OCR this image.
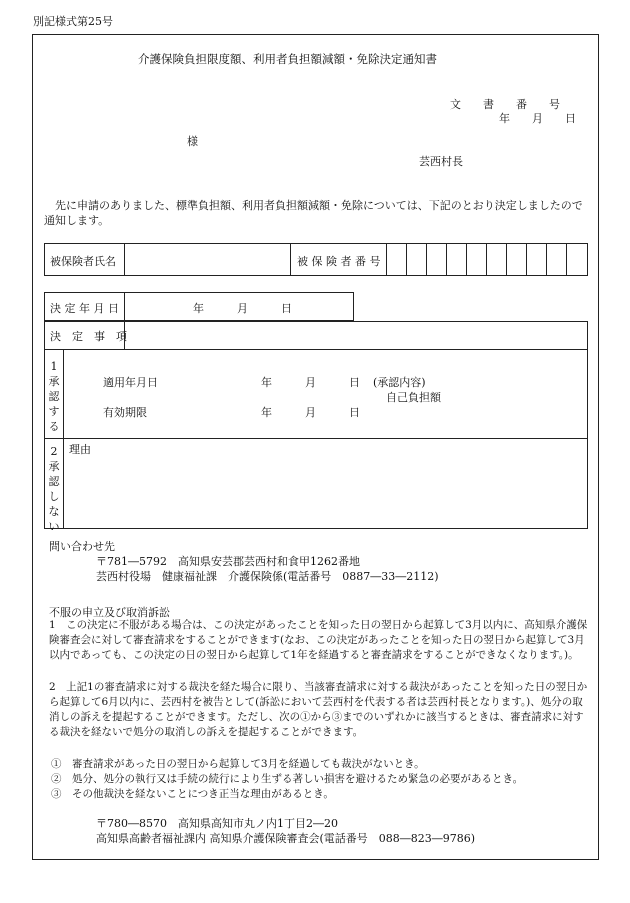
別記様式第25号
介護保険負担限度額、利用者負担額減額・免除決定通知書
文　　書　　番　　号
年　　月　　日
様
芸西村長
　先に申請のありました、標準負担額、利用者負担額減額・免除については、下記のとおり決定しましたので通知します。
被保険者氏名	被 保 険 者 番 号
決 定 年 月 日	年　　　月　　　日
決　定　事　項
1承認する
適用年月日	年　　　月　　　日 (承認内容)
自己負担額
有効期限	年　　　月　　　日
2承認しない
理由
問い合わせ先
〒781―5792　高知県安芸郡芸西村和食甲1262番地
芸西村役場　健康福祉課　介護保険係(電話番号　0887―33―2112)
不服の申立及び取消訴訟
1　この決定に不服がある場合は、この決定があったことを知った日の翌日から起算して3月以内に、高知県介護保険審査会に対して審査請求をすることができます(なお、この決定があったことを知った日の翌日から起算して3月以内であっても、この決定の日の翌日から起算して1年を経過すると審査請求をすることができなくなります。)。
2　上記1の審査請求に対する裁決を経た場合に限り、当該審査請求に対する裁決があったことを知った日の翌日から起算して6月以内に、芸西村を被告として(訴訟において芸西村を代表する者は芸西村長となります。)、処分の取消しの訴えを提起することができます。ただし、次の①から③までのいずれかに該当するときは、審査請求に対する裁決を経ないで処分の取消しの訴えを提起することができます。
①　審査請求があった日の翌日から起算して3月を経過しても裁決がないとき。
②　処分、処分の執行又は手続の続行により生ずる著しい損害を避けるため緊急の必要があるとき。
③　その他裁決を経ないことにつき正当な理由があるとき。
〒780―8570　高知県高知市丸ノ内1丁目2―20
高知県高齢者福祉課内 高知県介護保険審査会(電話番号　088―823―9786)
